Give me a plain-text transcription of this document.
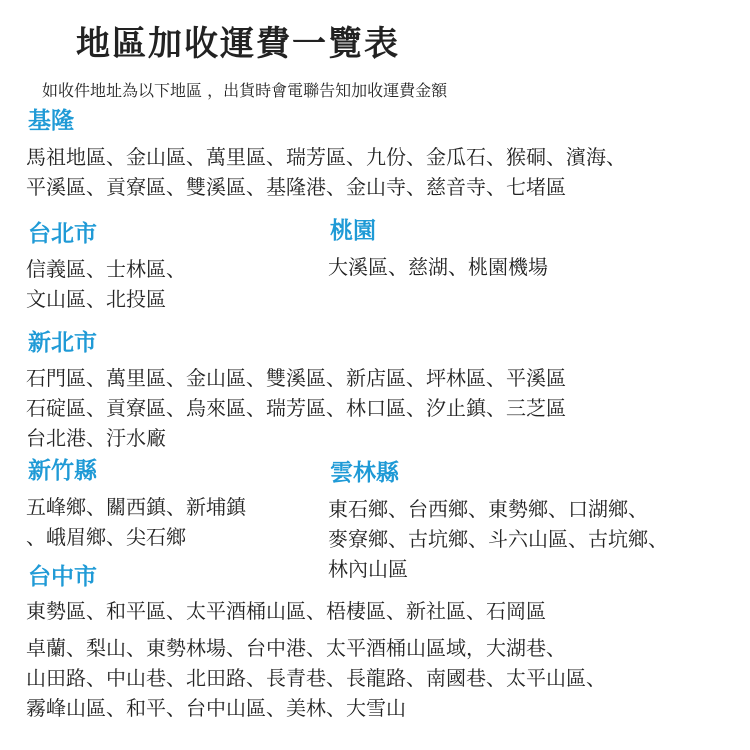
地區加收運費一覽表
如收件地址為以下地區 ，出貨時會電聯告知加收運費金額
基隆
馬祖地區、金山區、萬里區、瑞芳區、九份、金瓜石、猴硐、濱海、
平溪區、貢寮區、雙溪區、基隆港、金山寺、慈音寺、七堵區
台北市
信義區、士林區、
文山區、北投區
桃園
大溪區、慈湖、桃園機場
新北市
石門區、萬里區、金山區、雙溪區、新店區、坪林區、平溪區
石碇區、貢寮區、烏來區、瑞芳區、林口區、汐止鎮、三芝區
台北港、汙水廠
新竹縣
五峰鄉、關西鎮、新埔鎮
、峨眉鄉、尖石鄉
雲林縣
東石鄉、台西鄉、東勢鄉、口湖鄉、
麥寮鄉、古坑鄉、斗六山區、古坑鄉、
林內山區
台中市
東勢區、和平區、太平酒桶山區、梧棲區、新社區、石岡區
卓蘭、梨山、東勢林場、台中港、太平酒桶山區域，大湖巷、
山田路、中山巷、北田路、長青巷、長龍路、南國巷、太平山區、
霧峰山區、和平、台中山區、美林、大雪山
